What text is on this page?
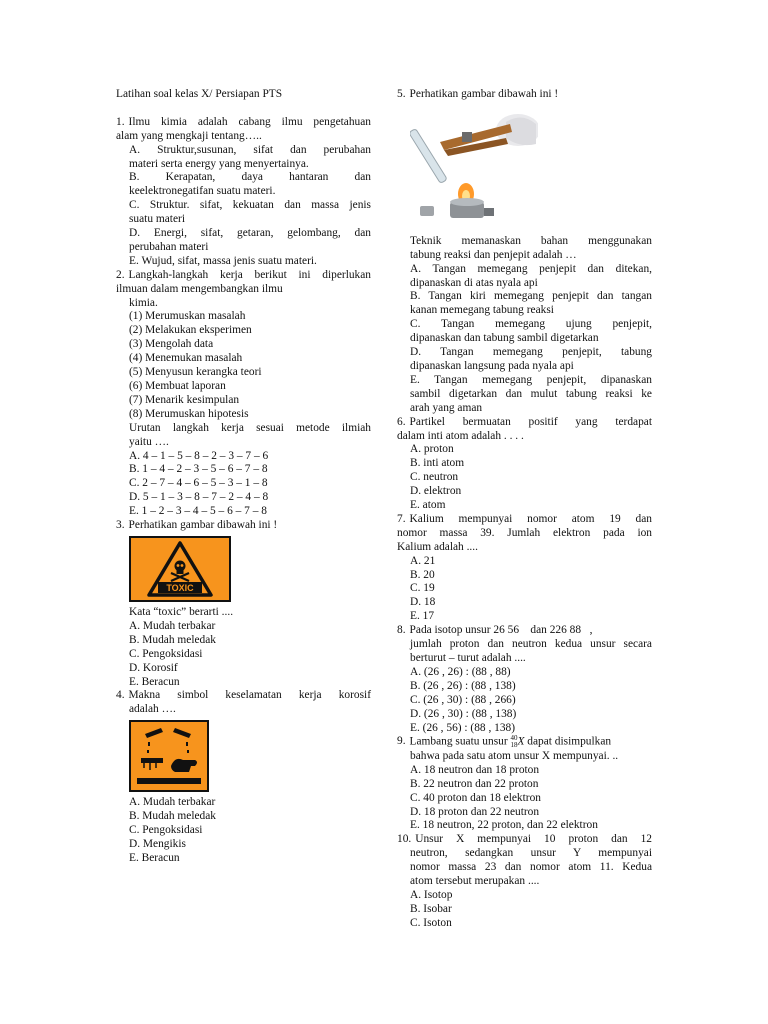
Latihan soal kelas X/ Persiapan PTS
1. Ilmu kimia adalah cabang ilmu pengetahuan
alam yang mengkaji tentang…..
A. Struktur,susunan, sifat dan perubahan
materi serta energy yang menyertainya.
B. Kerapatan, daya hantaran dan
keelektronegatifan suatu materi.
C. Struktur. sifat, kekuatan dan massa jenis
suatu materi
D. Energi, sifat, getaran, gelombang, dan
perubahan materi
E. Wujud, sifat, massa jenis suatu materi.
2. Langkah-langkah kerja berikut ini diperlukan
ilmuan dalam mengembangkan ilmu
kimia.
(1) Merumuskan masalah
(2) Melakukan eksperimen
(3) Mengolah data
(4) Menemukan masalah
(5) Menyusun kerangka teori
(6) Membuat laporan
(7) Menarik kesimpulan
(8) Merumuskan hipotesis
Urutan langkah kerja sesuai metode ilmiah
yaitu ….
A. 4 – 1 – 5 – 8 – 2 – 3 – 7 – 6
B. 1 – 4 – 2 – 3 – 5 – 6 – 7 – 8
C. 2 – 7 – 4 – 6 – 5 – 3 – 1 – 8
D. 5 – 1 – 3 – 8 – 7 – 2 – 4 – 8
E. 1 – 2 – 3 – 4 – 5 – 6 – 7 – 8
3. Perhatikan gambar dibawah ini !
TOXIC
Kata “toxic” berarti ....
A. Mudah terbakar
B. Mudah meledak
C. Pengoksidasi
D. Korosif
E. Beracun
4. Makna simbol keselamatan kerja korosif
adalah ….
A. Mudah terbakar
B. Mudah meledak
C. Pengoksidasi
D. Mengikis
E. Beracun
5. Perhatikan gambar dibawah ini !
Teknik memanaskan bahan menggunakan
tabung reaksi dan penjepit adalah …
A. Tangan memegang penjepit dan ditekan,
dipanaskan di atas nyala api
B. Tangan kiri memegang penjepit dan tangan
kanan memegang tabung reaksi
C. Tangan memegang ujung penjepit,
dipanaskan dan tabung sambil digetarkan
D. Tangan memegang penjepit, tabung
dipanaskan langsung pada nyala api
E. Tangan memegang penjepit, dipanaskan
sambil digetarkan dan mulut tabung reaksi ke
arah yang aman
6. Partikel bermuatan positif yang terdapat
dalam inti atom adalah . . . .
A. proton
B. inti atom
C. neutron
D. elektron
E. atom
7. Kalium mempunyai nomor atom 19 dan
nomor massa 39. Jumlah elektron pada ion
Kalium adalah ....
A. 21
B. 20
C. 19
D. 18
E. 17
8. Pada isotop unsur 26 56    dan 226 88   ,
jumlah proton dan neutron kedua unsur secara
berturut – turut adalah ....
A. (26 , 26) : (88 , 88)
B. (26 , 26) : (88 , 138)
C. (26 , 30) : (88 , 266)
D. (26 , 30) : (88 , 138)
E. (26 , 56) : (88 , 138)
9. Lambang suatu unsur 40
18 X dapat disimpulkan
bahwa pada satu atom unsur X mempunyai. ..
A. 18 neutron dan 18 proton
B. 22 neutron dan 22 proton
C. 40 proton dan 18 elektron
D. 18 proton dan 22 neutron
E. 18 neutron, 22 proton, dan 22 elektron
10. Unsur X mempunyai 10 proton dan 12
neutron, sedangkan unsur Y mempunyai
nomor massa 23 dan nomor atom 11. Kedua
atom tersebut merupakan ....
A. Isotop
B. Isobar
C. Isoton
